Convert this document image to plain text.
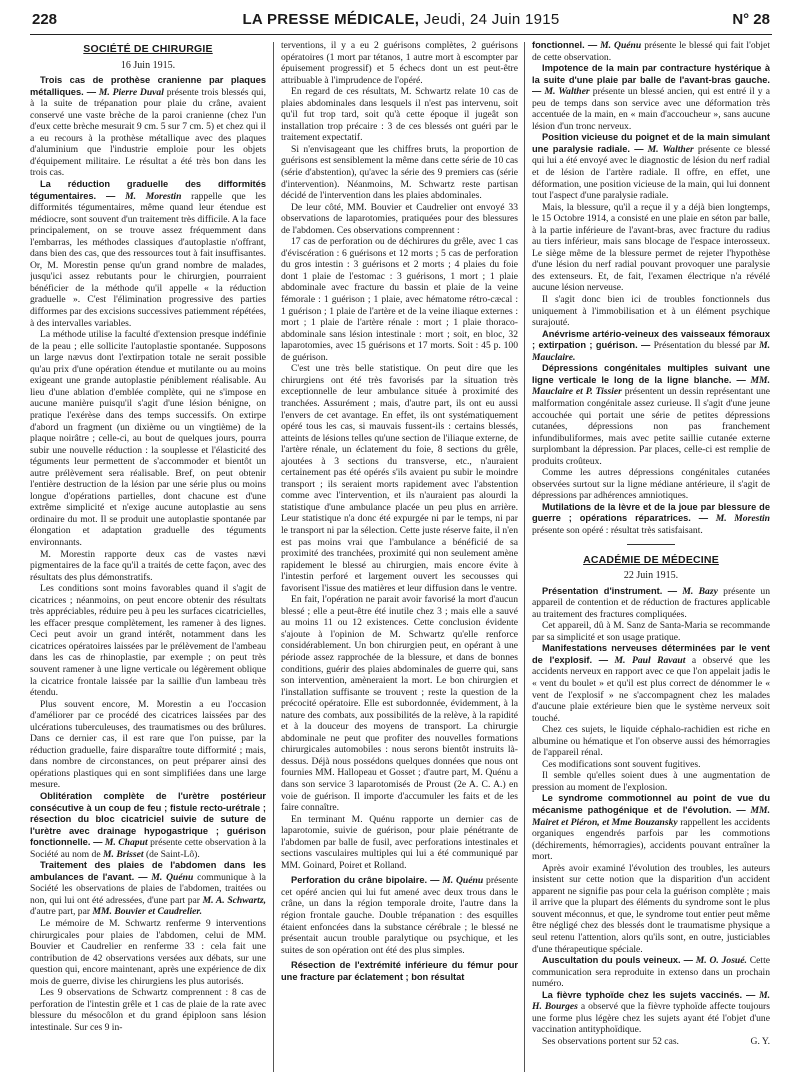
228	LA PRESSE MÉDICALE, Jeudi, 24 Juin 1915	N° 28
SOCIÉTÉ DE CHIRURGIE
16 Juin 1915.

Trois cas de prothèse cranienne par plaques métalliques. — M. Pierre Duval présente trois blessés qui, à la suite de trépanation pour plaie du crâne, avaient conservé une vaste brèche de la paroi cranienne (chez l'un d'eux cette brèche mesurait 9 cm. 5 sur 7 cm. 5) et chez qui il a eu recours à la prothèse métallique avec des plaques d'aluminium que l'industrie emploie pour les objets d'équipement militaire. Le résultat a été très bon dans les trois cas.

La réduction graduelle des difformités tégumentaires. — M. Morestin rappelle que les difformités tégumentaires, même quand leur étendue est médiocre, sont souvent d'un traitement très difficile. A la face principalement, on se trouve assez fréquemment dans l'embarras, les méthodes classiques d'autoplastie n'offrant, dans bien des cas, que des ressources tout à fait insuffisantes. Or, M. Morestin pense qu'un grand nombre de malades, jusqu'ici assez rebutants pour le chirurgien, pourraient bénéficier de la méthode qu'il appelle « la réduction graduelle ». C'est l'élimination progressive des parties difformes par des excisions successives patiemment répétées, à des intervalles variables.

La méthode utilise la faculté d'extension presque indéfinie de la peau ; elle sollicite l'autoplastie spontanée. Supposons un large nævus dont l'extirpation totale ne serait possible qu'au prix d'une opération étendue et mutilante ou au moins exigeant une grande autoplastie péniblement réalisable. Au lieu d'une ablation d'emblée complète, qui ne s'impose en aucune manière puisqu'il s'agit d'une lésion bénigne, on pratique l'exérèse dans des temps successifs. On extirpe d'abord un fragment (un dixième ou un vingtième) de la plaque noirâtre ; celle-ci, au bout de quelques jours, pourra subir une nouvelle réduction : la souplesse et l'élasticité des téguments leur permettent de s'accommoder et bientôt un autre prélèvement sera réalisable. Bref, on peut obtenir l'entière destruction de la lésion par une série plus ou moins longue d'opérations partielles, dont chacune est d'une extrême simplicité et n'exige aucune autoplastie au sens ordinaire du mot. Il se produit une autoplastie spontanée par élongation et adaptation graduelle des téguments environnants.

M. Morestin rapporte deux cas de vastes nævi pigmentaires de la face qu'il a traités de cette façon, avec des résultats des plus démonstratifs.

Les conditions sont moins favorables quand il s'agit de cicatrices ; néanmoins, on peut encore obtenir des résultats très appréciables, réduire peu à peu les surfaces cicatricielles, les effacer presque complètement, les ramener à des lignes. Ceci peut avoir un grand intérêt, notamment dans les cicatrices opératoires laissées par le prélèvement de l'ambeau dans les cas de rhinoplastie, par exemple ; on peut très souvent ramener à une ligne verticale ou légèrement oblique la cicatrice frontale laissée par la saillie d'un lambeau très étendu.

Plus souvent encore, M. Morestin a eu l'occasion d'améliorer par ce procédé des cicatrices laissées par des ulcérations tuberculeuses, des traumatismes ou des brûlures. Dans ce dernier cas, il est rare que l'on puisse, par la réduction graduelle, faire disparaître toute difformité ; mais, dans nombre de circonstances, on peut préparer ainsi des opérations plastiques qui en sont simplifiées dans une large mesure.

Oblitération complète de l'urètre postérieur consécutive à un coup de feu ; fistule recto-urétrale ; résection du bloc cicatriciel suivie de suture de l'urètre avec drainage hypogastrique ; guérison fonctionnelle. — M. Chaput présente cette observation à la Société au nom de M. Brisset (de Saint-Lô).

Traitement des plaies de l'abdomen dans les ambulances de l'avant. — M. Quénu communique à la Société les observations de plaies de l'abdomen, traitées ou non, qui lui ont été adressées, d'une part par M. A. Schwartz, d'autre part, par MM. Bouvier et Caudrelier.

Le mémoire de M. Schwartz renferme 9 interventions chirurgicales pour plaies de l'abdomen, celui de MM. Bouvier et Caudrelier en renferme 33 : cela fait une contribution de 42 observations versées aux débats, sur une question qui, encore maintenant, après une expérience de dix mois de guerre, divise les chirurgiens les plus autorisés.

Les 9 observations de Schwartz comprennent : 8 cas de perforation de l'intestin grêle et 1 cas de plaie de la rate avec blessure du mésocôlon et du grand épiploon sans lésion intestinale. Sur ces 9 in-

terventions, il y a eu 2 guérisons complètes, 2 guérisons opératoires (1 mort par tétanos, 1 autre mort à escompter par épuisement progressif) et 5 échecs dont un est peut-être attribuable à l'imprudence de l'opéré.

En regard de ces résultats, M. Schwartz relate 10 cas de plaies abdominales dans lesquels il n'est pas intervenu, soit qu'il fut trop tard, soit qu'à cette époque il jugeât son installation trop précaire : 3 de ces blessés ont guéri par le traitement expectatif.

Si n'envisageant que les chiffres bruts, la proportion de guérisons est sensiblement la même dans cette série de 10 cas (série d'abstention), qu'avec la série des 9 premiers cas (série d'intervention). Néanmoins, M. Schwartz reste partisan décidé de l'intervention dans les plaies abdominales.

De leur côté, MM. Bouvier et Caudrelier ont envoyé 33 observations de laparotomies, pratiquées pour des blessures de l'abdomen. Ces observations comprennent :

17 cas de perforation ou de déchirures du grêle, avec 1 cas d'éviscération : 6 guérisons et 12 morts ; 5 cas de perforation du gros intestin : 3 guérisons et 2 morts ; 4 plaies du foie dont 1 plaie de l'estomac : 3 guérisons, 1 mort ; 1 plaie abdominale avec fracture du bassin et plaie de la veine fémorale : 1 guérison ; 1 plaie, avec hématome rétro-cæcal : 1 guérison ; 1 plaie de l'artère et de la veine iliaque externes : mort ; 1 plaie de l'artère rénale : mort ; 1 plaie thoraco-abdominale sans lésion intestinale : mort ; soit, en bloc, 32 laparotomies, avec 15 guérisons et 17 morts. Soit : 45 p. 100 de guérison.

C'est une très belle statistique. On peut dire que les chirurgiens ont été très favorisés par la situation très exceptionnelle de leur ambulance située à proximité des tranchées. Assurément ; mais, d'autre part, ils ont eu aussi l'envers de cet avantage. En effet, ils ont systématiquement opéré tous les cas, si mauvais fussent-ils : certains blessés, atteints de lésions telles qu'une section de l'iliaque externe, de l'artère rénale, un éclatement du foie, 8 sections du grêle, ajoutées à 3 sections du transverse, etc., n'auraient certainement pas été opérés s'ils avaient pu subir le moindre transport ; ils seraient morts rapidement avec l'abstention comme avec l'intervention, et ils n'auraient pas alourdi la statistique d'une ambulance placée un peu plus en arrière. Leur statistique n'a donc été expurgée ni par le temps, ni par le transport ni par la sélection. Cette juste réserve faite, il n'en est pas moins vrai que l'ambulance a bénéficié de sa proximité des tranchées, proximité qui non seulement amène rapidement le blessé au chirurgien, mais encore évite à l'intestin perforé et largement ouvert les secousses qui favorisent l'issue des matières et leur diffusion dans le ventre.

En fait, l'opération ne parait avoir favorisé la mort d'aucun blessé ; elle a peut-être été inutile chez 3 ; mais elle a sauvé au moins 11 ou 12 existences. Cette conclusion évidente s'ajoute à l'opinion de M. Schwartz qu'elle renforce considérablement. Un bon chirurgien peut, en opérant à une période assez rapprochée de la blessure, et dans de bonnes conditions, guérir des plaies abdominales de guerre qui, sans son intervention, amèneraient la mort. Le bon chirurgien et l'installation suffisante se trouvent ; reste la question de la précocité opératoire. Elle est subordonnée, évidemment, à la nature des combats, aux possibilités de la relève, à la rapidité et à la douceur des moyens de transport. La chirurgie abdominale ne peut que profiter des nouvelles formations chirurgicales automobiles : nous serons bientôt instruits là-dessus. Déjà nous possédons quelques données que nous ont fournies MM. Hallopeau et Gosset ; d'autre part, M. Quénu a dans son service 3 laparotomisés de Proust (2e A. C. A.) en voie de guérison. Il importe d'accumuler les faits et de les faire connaître.

En terminant M. Quénu rapporte un dernier cas de laparotomie, suivie de guérison, pour plaie pénétrante de l'abdomen par balle de fusil, avec perforations intestinales et sections vasculaires multiples qui lui a été communiqué par MM. Goinard, Poiret et Rolland.

Perforation du crâne bipolaire. — M. Quénu présente cet opéré ancien qui lui fut amené avec deux trous dans le crâne, un dans la région temporale droite, l'autre dans la région frontale gauche. Double trépanation : des esquilles étaient enfoncées dans la substance cérébrale ; le blessé ne présentait aucun trouble paralytique ou psychique, et les suites de son opération ont été des plus simples.

Résection de l'extrémité inférieure du fémur pour une fracture par éclatement ; bon résultat

fonctionnel. — M. Quénu présente le blessé qui fait l'objet de cette observation.

Impotence de la main par contracture hystérique à la suite d'une plaie par balle de l'avant-bras gauche. — M. Walther présente un blessé ancien, qui est entré il y a peu de temps dans son service avec une déformation très accentuée de la main, en « main d'accoucheur », sans aucune lésion d'un tronc nerveux.

Position vicieuse du poignet et de la main simulant une paralysie radiale. — M. Walther présente ce blessé qui lui a été envoyé avec le diagnostic de lésion du nerf radial et de lésion de l'artère radiale. Il offre, en effet, une déformation, une position vicieuse de la main, qui lui donnent tout l'aspect d'une paralysie radiale.

Mais, la blessure, qu'il a reçue il y a déjà bien longtemps, le 15 Octobre 1914, a consisté en une plaie en séton par balle, à la partie inférieure de l'avant-bras, avec fracture du radius au tiers inférieur, mais sans blocage de l'espace interosseux. Le siège même de la blessure permet de rejeter l'hypothèse d'une lésion du nerf radial pouvant provoquer une paralysie des extenseurs. Et, de fait, l'examen électrique n'a révélé aucune lésion nerveuse.

Il s'agit donc bien ici de troubles fonctionnels dus uniquement à l'immobilisation et à un élément psychique surajouté.

Anévrisme artério-veineux des vaisseaux fémoraux ; extirpation ; guérison. — Présentation du blessé par M. Mauclaire.

Dépressions congénitales multiples suivant une ligne verticale le long de la ligne blanche. — MM. Mauclaire et P. Tissier présentent un dessin représentant une malformation congénitale assez curieuse. Il s'agit d'une jeune accouchée qui portait une série de petites dépressions cutanées, dépressions non pas franchement infundibuliformes, mais avec petite saillie cutanée externe surplombant la dépression. Par places, celle-ci est remplie de produits croûteux.

Comme les autres dépressions congénitales cutanées observées surtout sur la ligne médiane antérieure, il s'agit de dépressions par adhérences amniotiques.

Mutilations de la lèvre et de la joue par blessure de guerre ; opérations réparatrices. — M. Morestin présente son opéré : résultat très satisfaisant.

ACADÉMIE DE MÉDECINE
22 Juin 1915.

Présentation d'instrument. — M. Bazy présente un appareil de contention et de réduction de fractures applicable au traitement des fractures compliquées.

Cet appareil, dû à M. Sanz de Santa-Maria se recommande par sa simplicité et son usage pratique.

Manifestations nerveuses déterminées par le vent de l'explosif. — M. Paul Ravaut a observé que les accidents nerveux en rapport avec ce que l'on appelait jadis le « vent du boulet » et qu'il est plus correct de dénommer le « vent de l'explosif » ne s'accompagnent chez les malades d'aucune plaie extérieure bien que le système nerveux soit touché.

Chez ces sujets, le liquide céphalo-rachidien est riche en albumine ou hématique et l'on observe aussi des hémorragies de l'appareil rénal.

Ces modifications sont souvent fugitives.

Il semble qu'elles soient dues à une augmentation de pression au moment de l'explosion.

Le syndrome commotionnel au point de vue du mécanisme pathogénique et de l'évolution. — MM. Mairet et Piéron, et Mme Bouzansky rappellent les accidents organiques engendrés parfois par les commotions (déchirements, hémorragies), accidents pouvant entraîner la mort.

Après avoir examiné l'évolution des troubles, les auteurs insistent sur cette notion que la disparition d'un accident apparent ne signifie pas pour cela la guérison complète ; mais il arrive que la plupart des éléments du syndrome sont le plus souvent méconnus, et que, le syndrome tout entier peut même être négligé chez des blessés dont le traumatisme physique a seul retenu l'attention, alors qu'ils sont, en outre, justiciables d'une thérapeutique spéciale.

Auscultation du pouls veineux. — M. O. Josué. Cette communication sera reproduite in extenso dans un prochain numéro.

La fièvre typhoïde chez les sujets vaccinés. — M. H. Bourges a observé que la fièvre typhoïde affecte toujours une forme plus légère chez les sujets ayant été l'objet d'une vaccination antityphoïdique.

Ses observations portent sur 52 cas.	G. Y.
